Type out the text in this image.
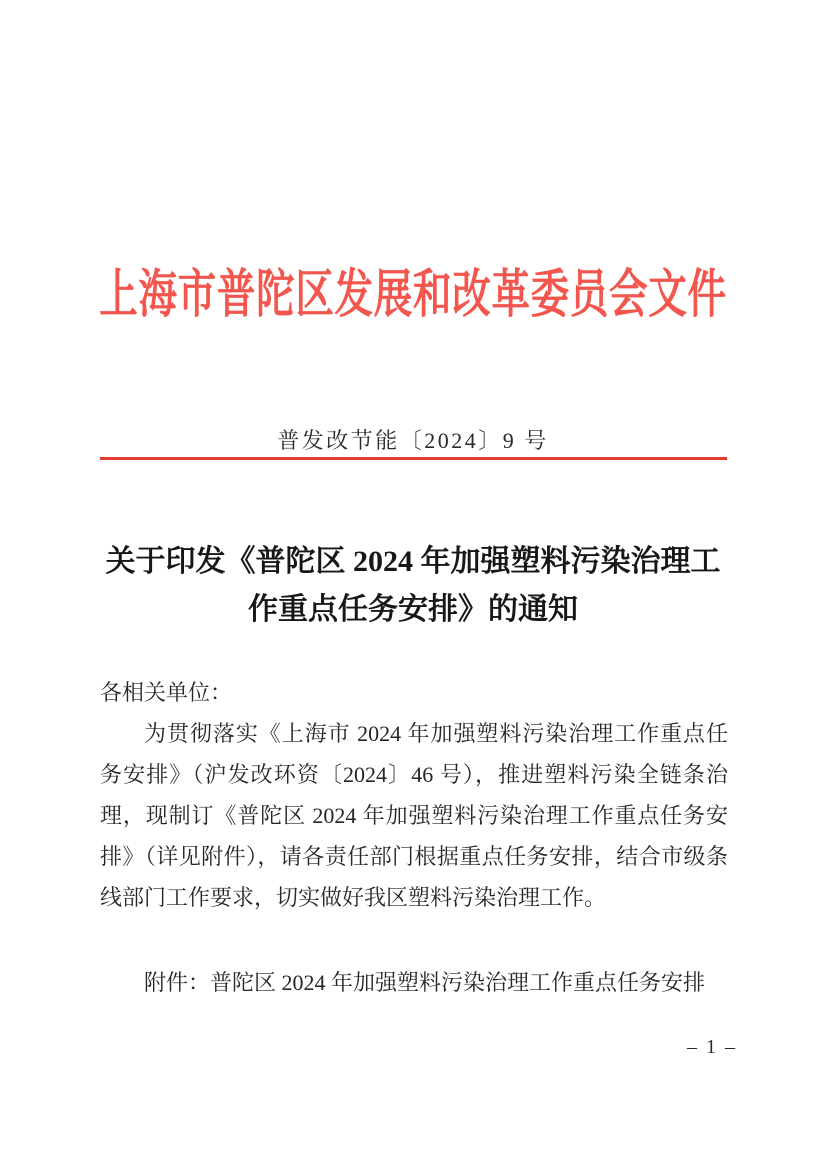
上海市普陀区发展和改革委员会文件
普发改节能〔2024〕9 号
关于印发《普陀区 2024 年加强塑料污染治理工
作重点任务安排》的通知
各相关单位：
为贯彻落实《上海市 2024 年加强塑料污染治理工作重点任
务安排》（沪发改环资〔2024〕46 号），推进塑料污染全链条治
理，现制订《普陀区 2024 年加强塑料污染治理工作重点任务安
排》（详见附件），请各责任部门根据重点任务安排，结合市级条
线部门工作要求，切实做好我区塑料污染治理工作。
附件：普陀区 2024 年加强塑料污染治理工作重点任务安排
– 1 –
